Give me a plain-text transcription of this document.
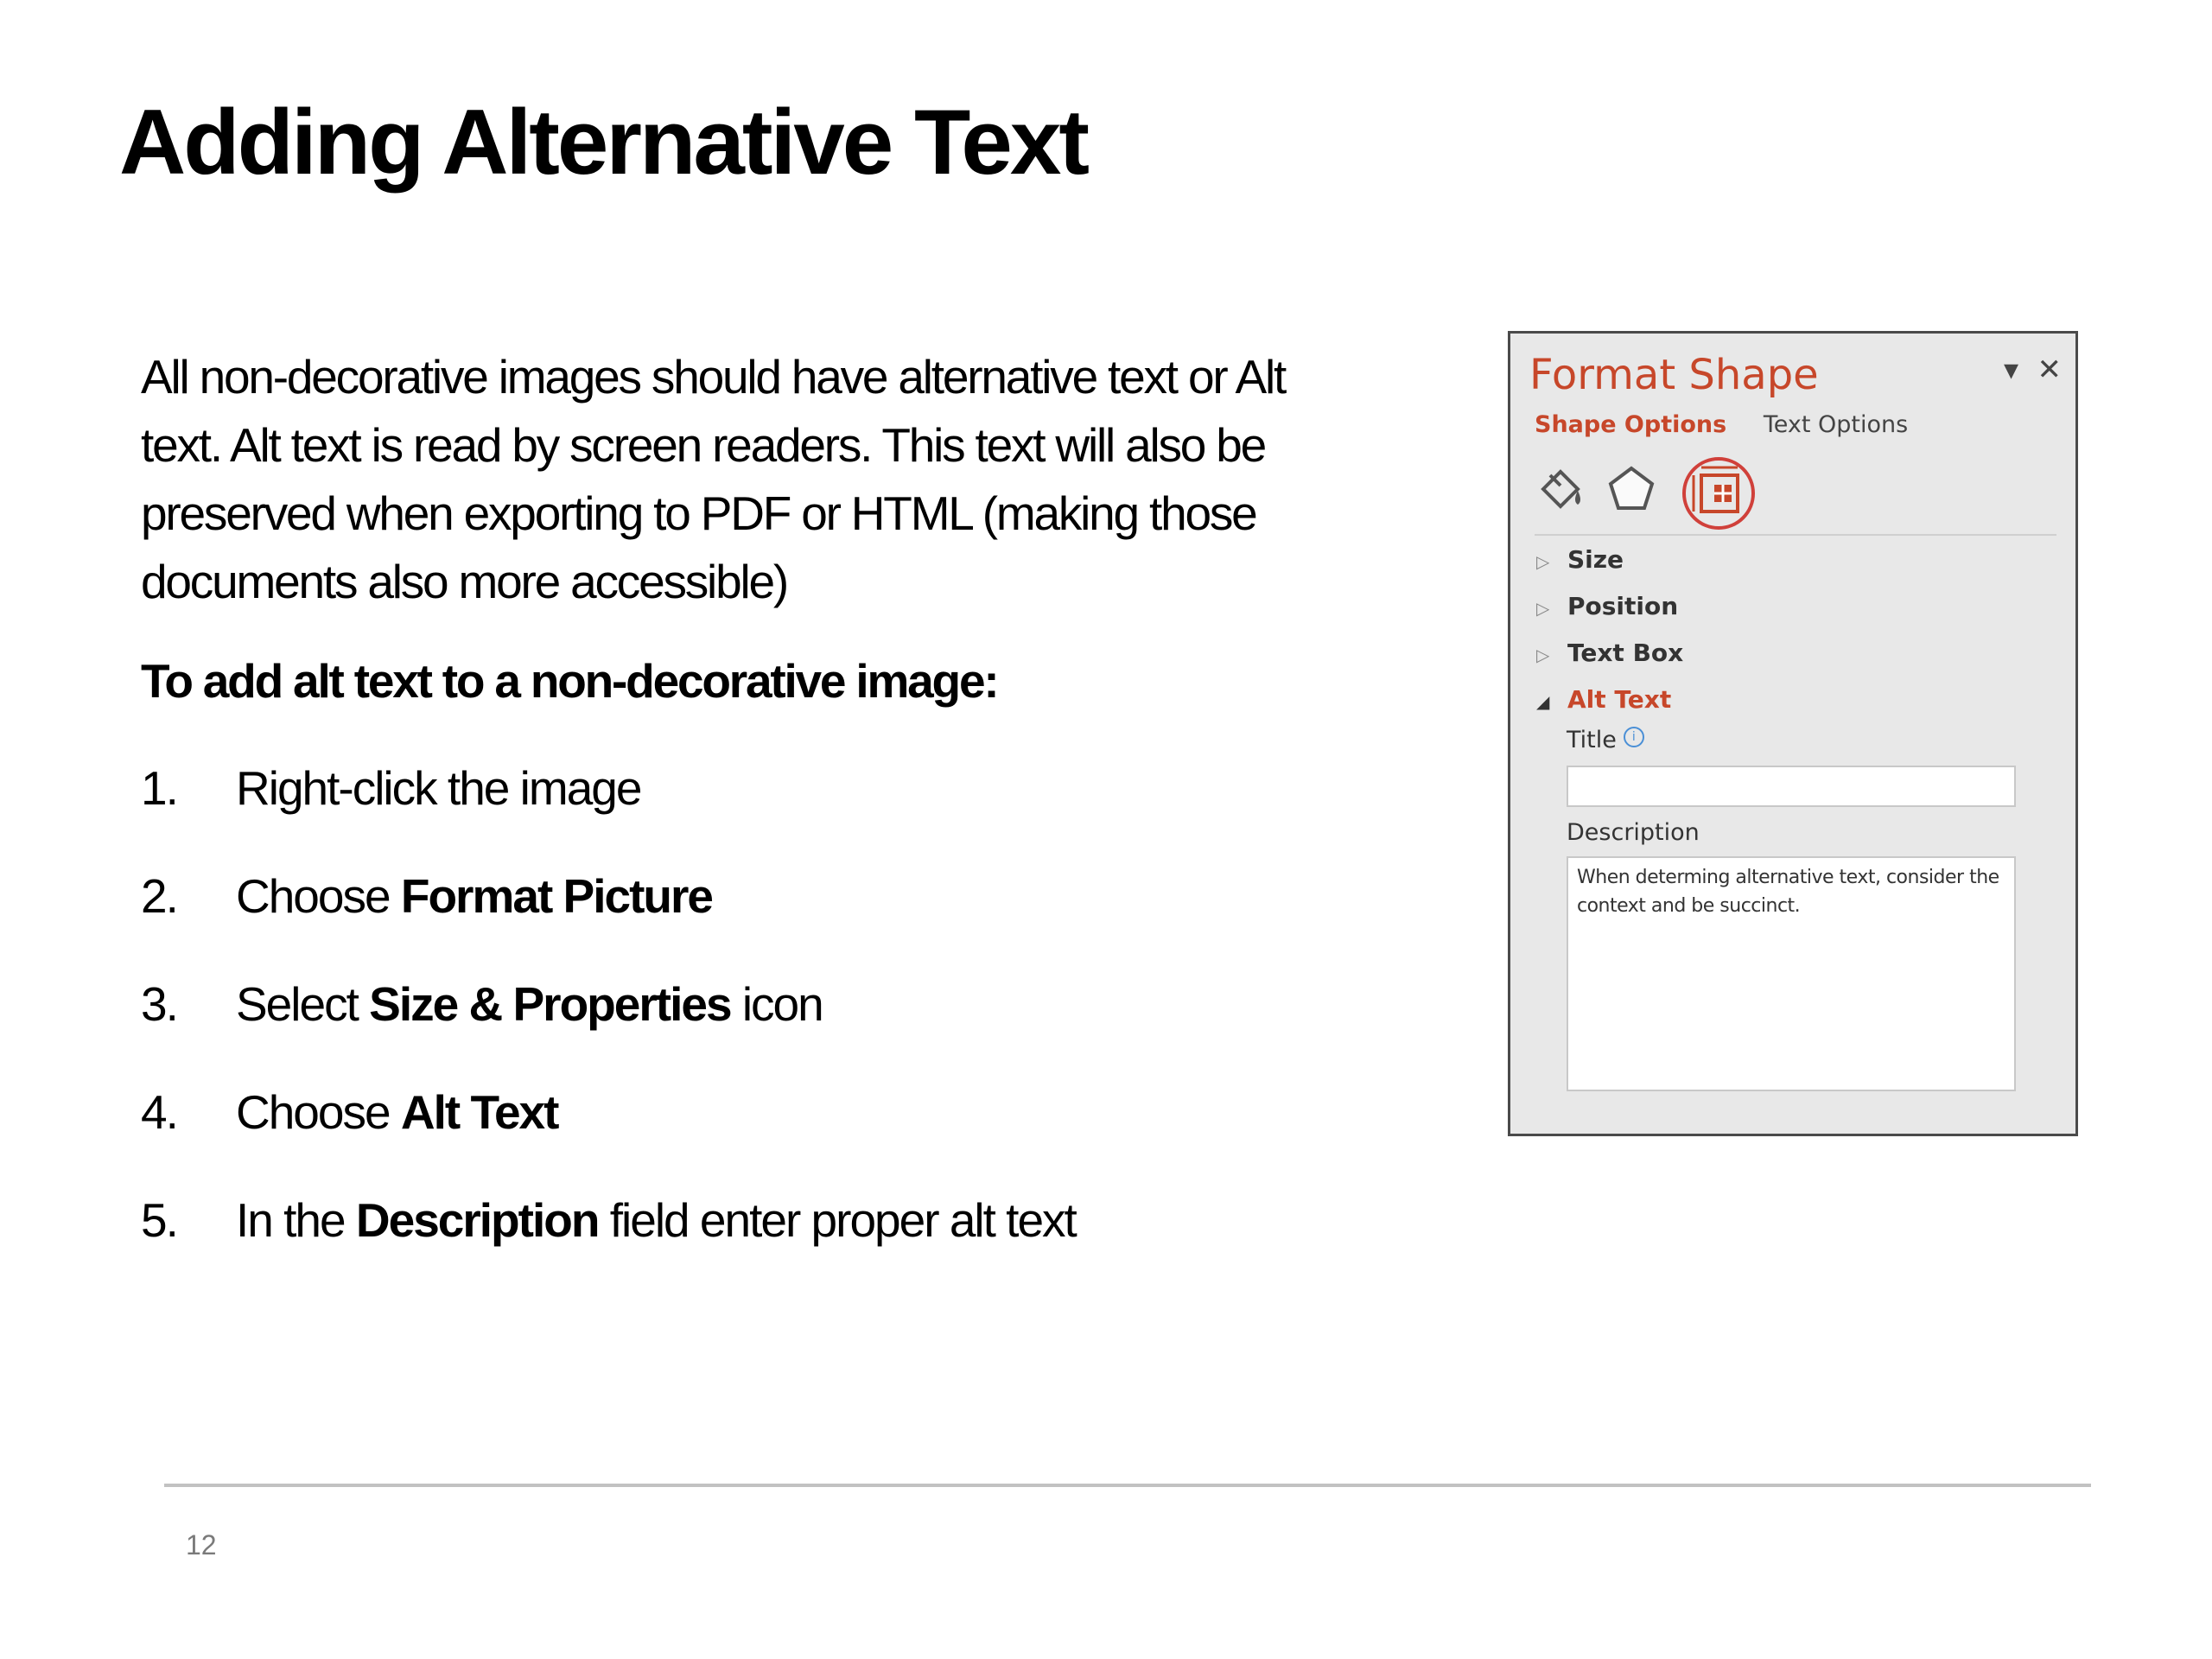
Adding Alternative Text

All non-decorative images should have alternative text or Alt text. Alt text is read by screen readers. This text will also be preserved when exporting to PDF or HTML (making those documents also more accessible)

To add alt text to a non-decorative image:

1.	Right-click the image
2.	Choose Format Picture
3.	Select Size & Properties icon
4.	Choose Alt Text
5.	In the Description field enter proper alt text
Format Shape	▾ ✕
Shape Options Text Options
▷ Size
▷ Position
▷ Text Box
◢ Alt Text
Title i
Description
When determing alternative text, consider the context and be succinct.
12
